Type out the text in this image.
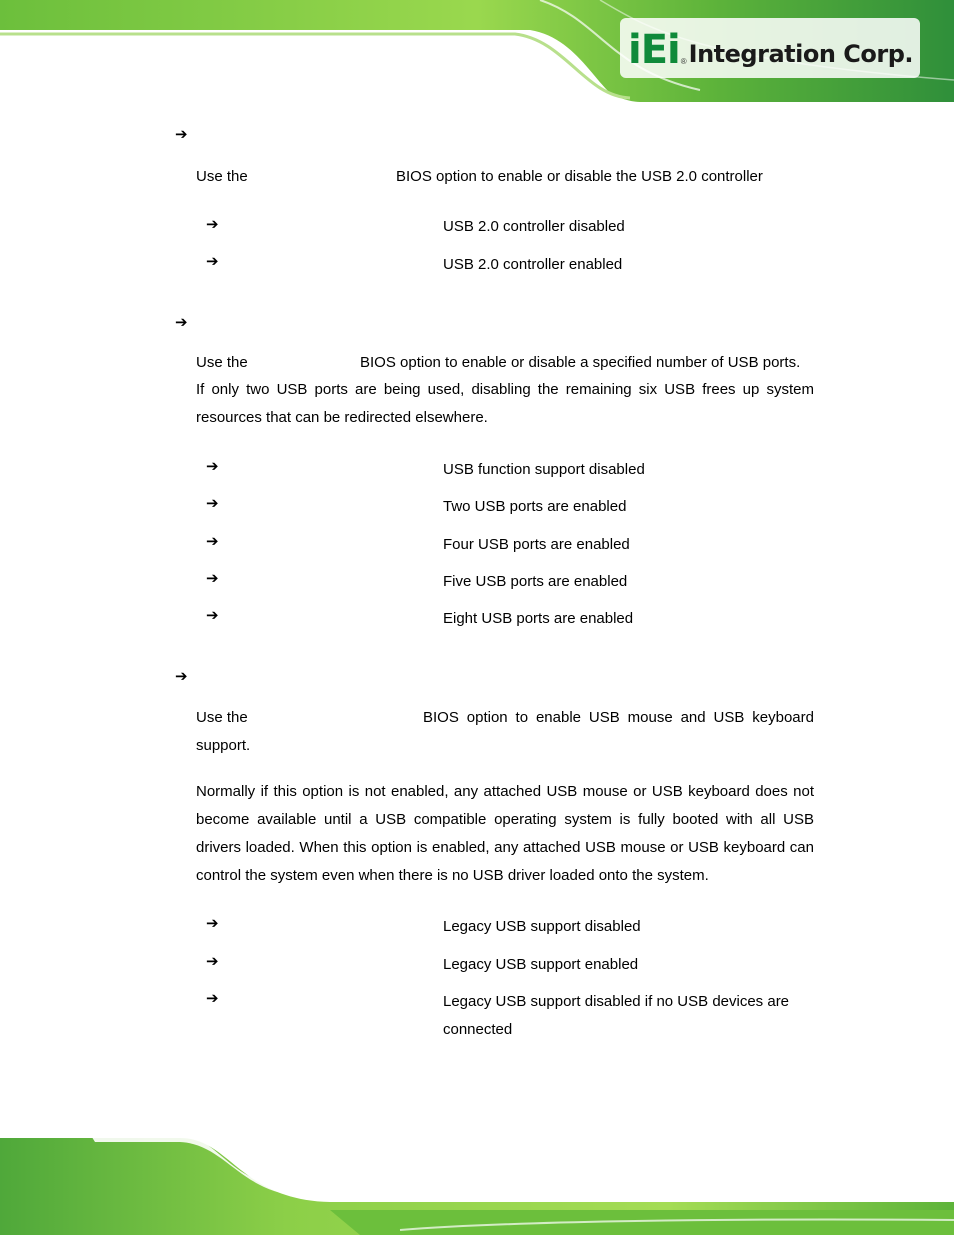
iEi ® Integration Corp.
➔
Use the	BIOS option to enable or disable the USB 2.0 controller
➔	USB 2.0 controller disabled
➔	USB 2.0 controller enabled
➔
Use the	BIOS option to enable or disable a specified number of USB ports.
If only two USB ports are being used, disabling the remaining six USB frees up system resources that can be redirected elsewhere.
➔	USB function support disabled
➔	Two USB ports are enabled
➔	Four USB ports are enabled
➔	Five USB ports are enabled
➔	Eight USB ports are enabled
➔
Use the	BIOS option to enable USB mouse and USB keyboard
support.
Normally if this option is not enabled, any attached USB mouse or USB keyboard does not become available until a USB compatible operating system is fully booted with all USB drivers loaded. When this option is enabled, any attached USB mouse or USB keyboard can control the system even when there is no USB driver loaded onto the system.
➔	Legacy USB support disabled
➔	Legacy USB support enabled
➔	Legacy USB support disabled if no USB devices are connected
